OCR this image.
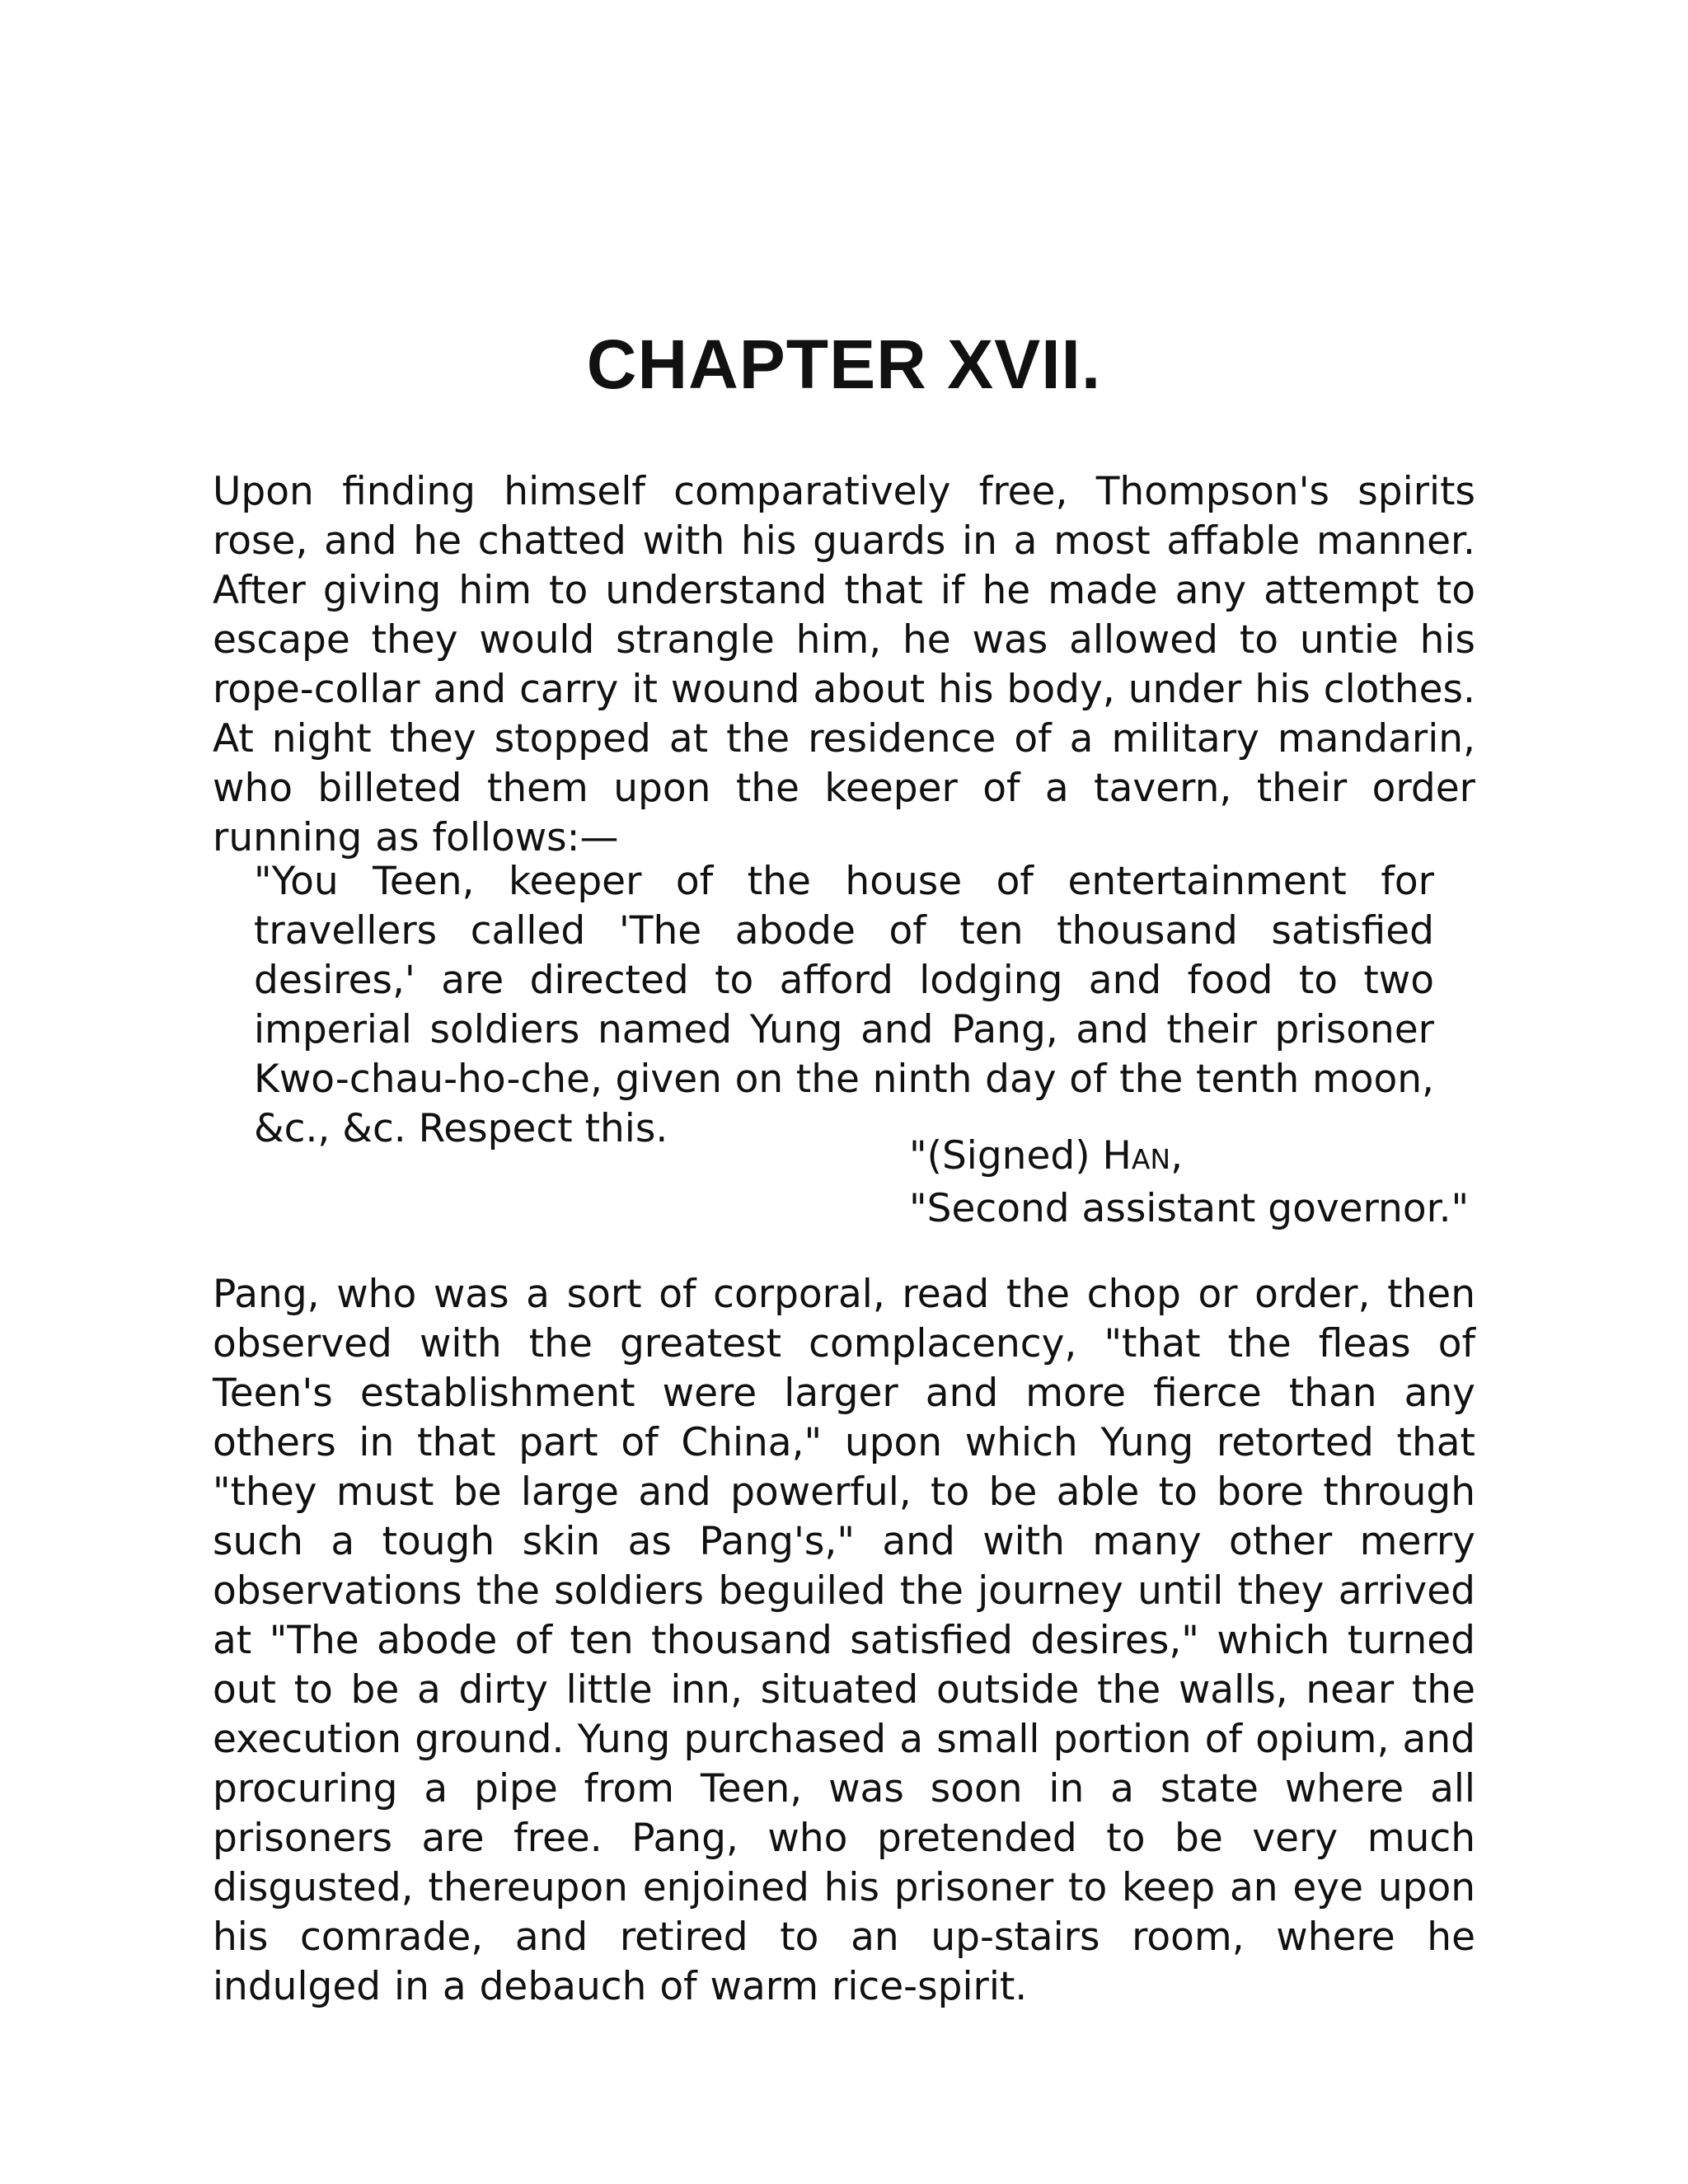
CHAPTER XVII.

Upon finding himself comparatively free, Thompson's spirits rose, and he chatted with his guards in a most affable manner. After giving him to understand that if he made any attempt to escape they would strangle him, he was allowed to untie his rope-collar and carry it wound about his body, under his clothes. At night they stopped at the residence of a military mandarin, who billeted them upon the keeper of a tavern, their order running as follows:—

"You Teen, keeper of the house of entertainment for travellers called 'The abode of ten thousand satisfied desires,' are directed to afford lodging and food to two imperial soldiers named Yung and Pang, and their prisoner Kwo-chau-ho-che, given on the ninth day of the tenth moon, &c., &c. Respect this.

"(Signed) HAN,
"Second assistant governor."

Pang, who was a sort of corporal, read the chop or order, then observed with the greatest complacency, "that the fleas of Teen's establishment were larger and more fierce than any others in that part of China," upon which Yung retorted that "they must be large and powerful, to be able to bore through such a tough skin as Pang's," and with many other merry observations the soldiers beguiled the journey until they arrived at "The abode of ten thousand satisfied desires," which turned out to be a dirty little inn, situated outside the walls, near the execution ground. Yung purchased a small portion of opium, and procuring a pipe from Teen, was soon in a state where all prisoners are free. Pang, who pretended to be very much disgusted, thereupon enjoined his prisoner to keep an eye upon his comrade, and retired to an up-stairs room, where he indulged in a debauch of warm rice-spirit.
